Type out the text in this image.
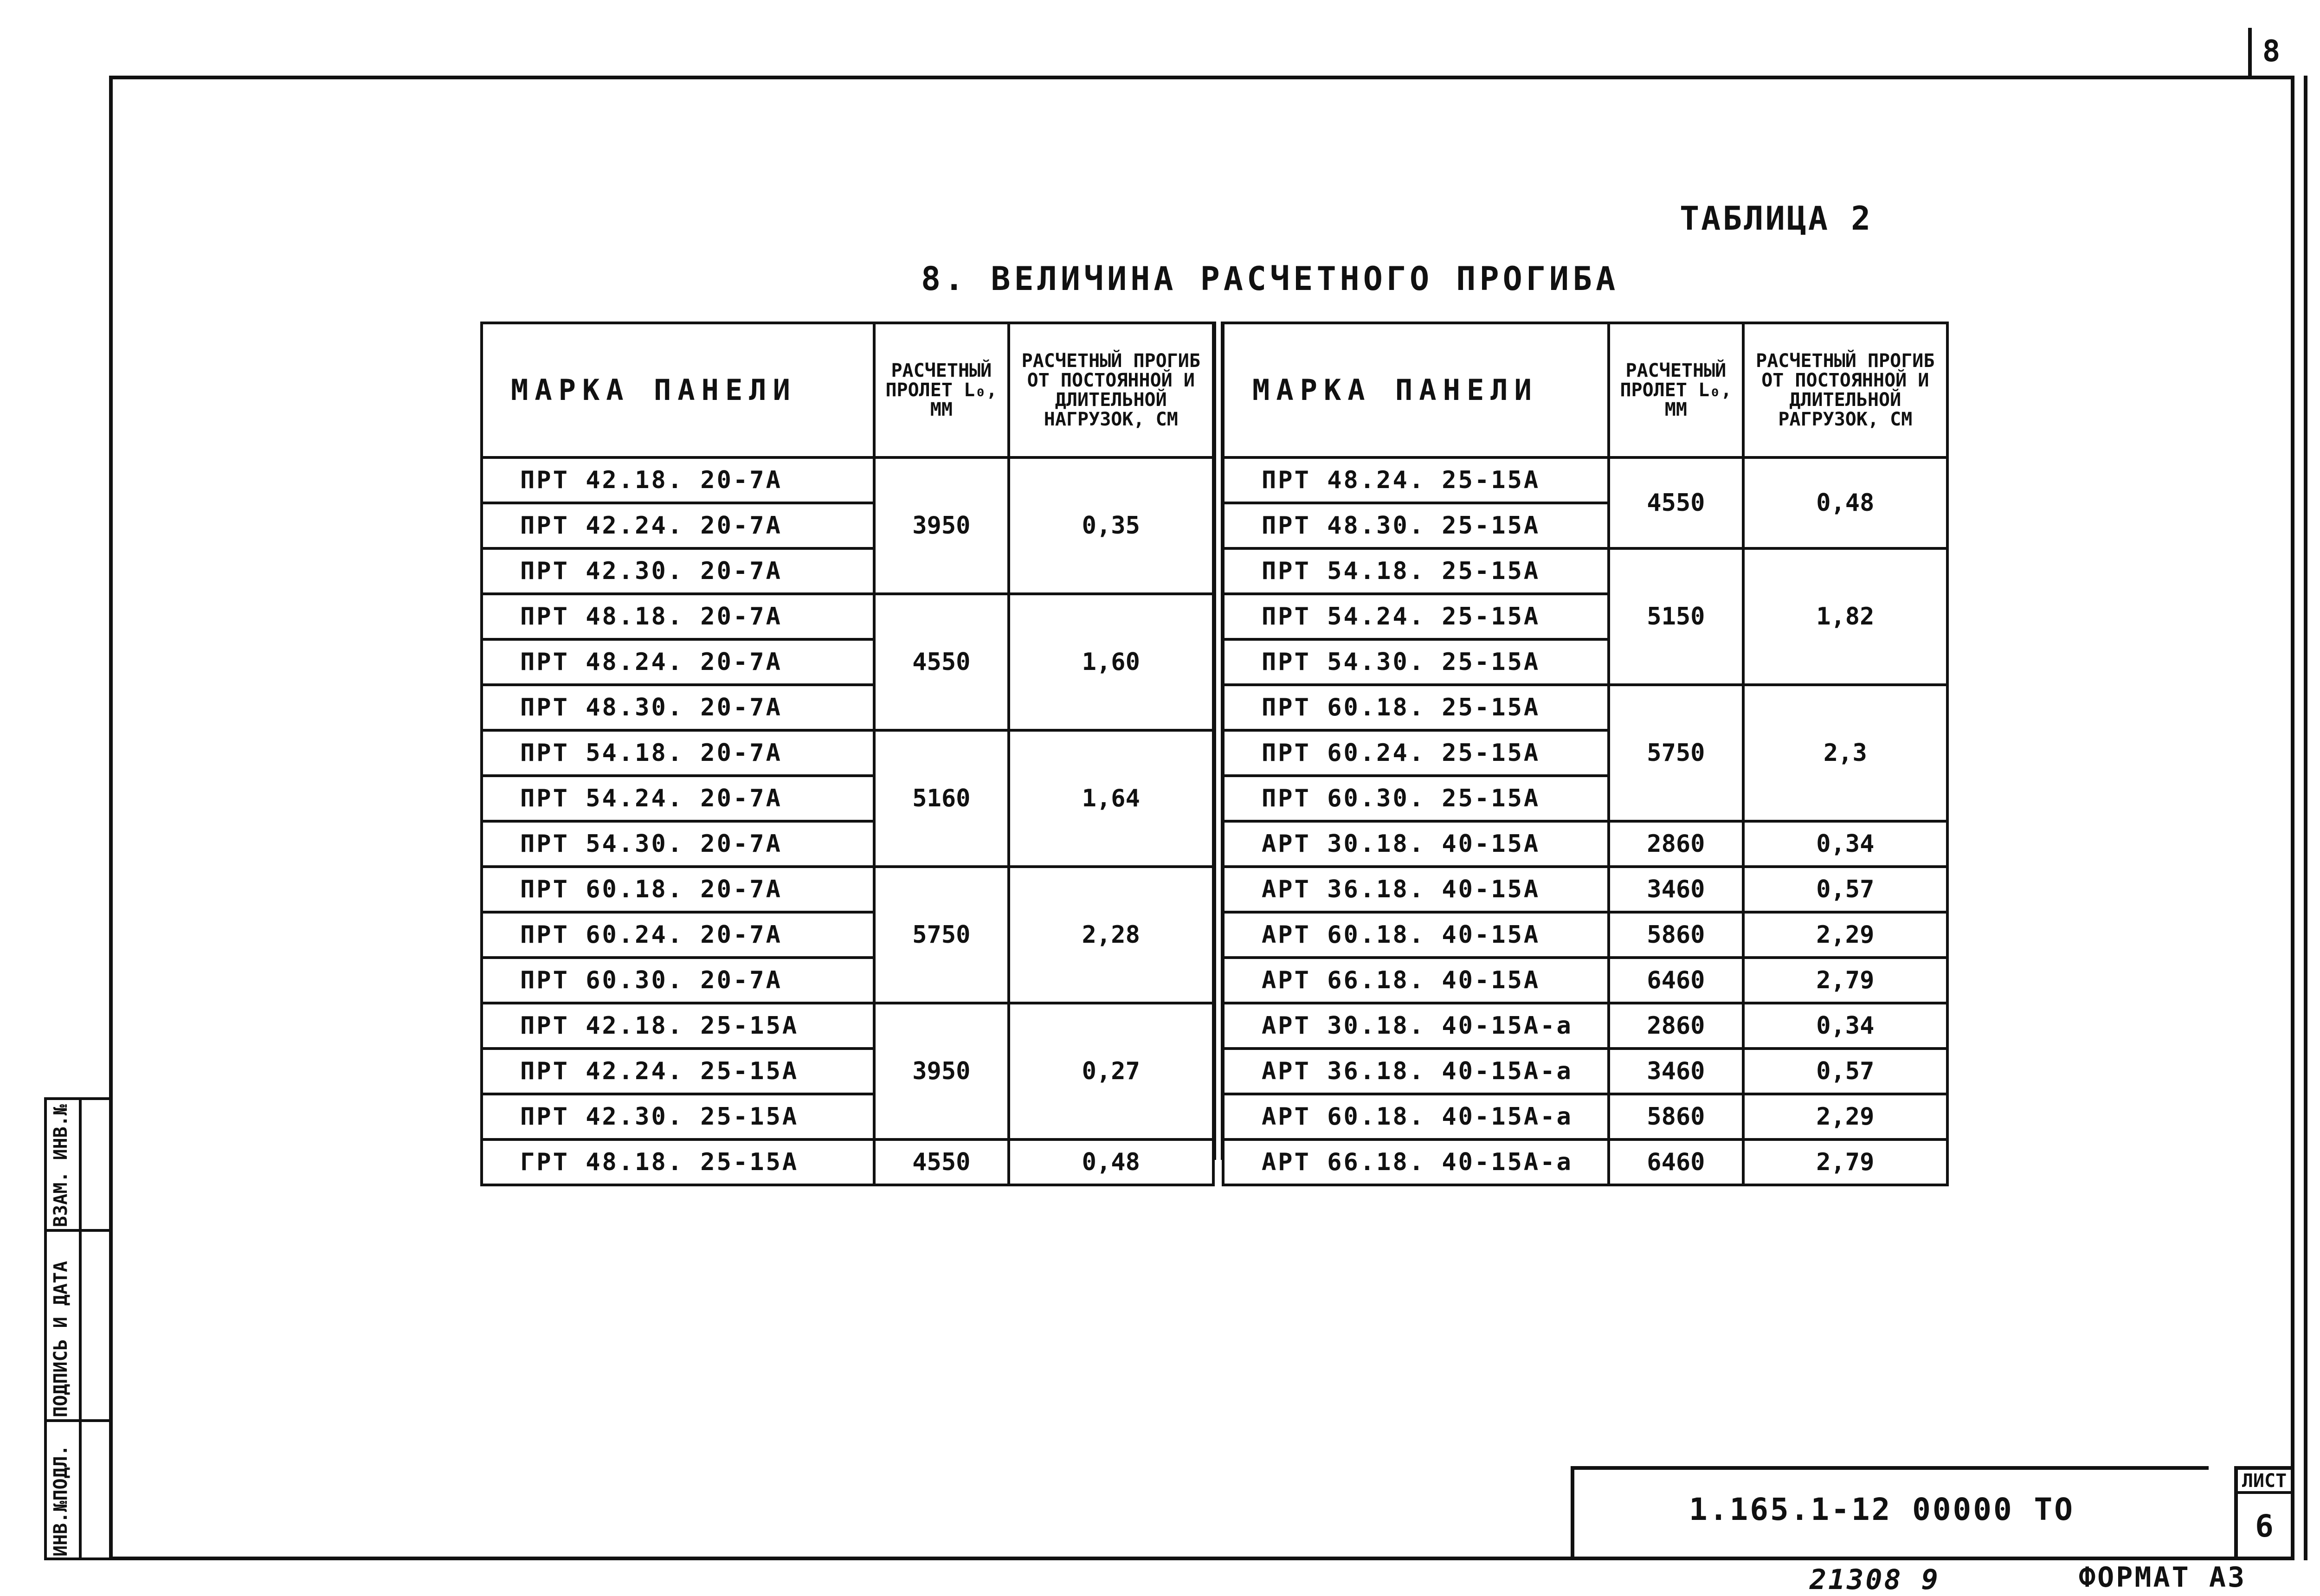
8
ТАБЛИЦА 2
8. ВЕЛИЧИНА РАСЧЕТНОГО ПРОГИБА
МАРКА ПАНЕЛИ	РАСЧЕТНЫЙ ПРОЛЕТ L₀, ММ	РАСЧЕТНЫЙ ПРОГИБ ОТ ПОСТОЯННОЙ И ДЛИТЕЛЬНОЙ НАГРУЗОК, СМ
ПРТ 42.18. 20-7А	3950	0,35
ПРТ 42.24. 20-7А		
ПРТ 42.30. 20-7А		
ПРТ 48.18. 20-7А	4550	1,60
ПРТ 48.24. 20-7А		
ПРТ 48.30. 20-7А		
ПРТ 54.18. 20-7А	5160	1,64
ПРТ 54.24. 20-7А		
ПРТ 54.30. 20-7А		
ПРТ 60.18. 20-7А	5750	2,28
ПРТ 60.24. 20-7А		
ПРТ 60.30. 20-7А		
ПРТ 42.18. 25-15А	3950	0,27
ПРТ 42.24. 25-15А		
ПРТ 42.30. 25-15А		
ГРТ 48.18. 25-15А	4550	0,48
МАРКА ПАНЕЛИ	РАСЧЕТНЫЙ ПРОЛЕТ L₀, ММ	РАСЧЕТНЫЙ ПРОГИБ ОТ ПОСТОЯННОЙ И ДЛИТЕЛЬНОЙ РАГРУЗОК, СМ
ПРТ 48.24. 25-15А	4550	0,48
ПРТ 48.30. 25-15А		
ПРТ 54.18. 25-15А	5150	1,82
ПРТ 54.24. 25-15А		
ПРТ 54.30. 25-15А		
ПРТ 60.18. 25-15А	5750	2,3
ПРТ 60.24. 25-15А		
ПРТ 60.30. 25-15А		
АРТ 30.18. 40-15А	2860	0,34
АРТ 36.18. 40-15А	3460	0,57
АРТ 60.18. 40-15А	5860	2,29
АРТ 66.18. 40-15А	6460	2,79
АРТ 30.18. 40-15А-а	2860	0,34
АРТ 36.18. 40-15А-а	3460	0,57
АРТ 60.18. 40-15А-а	5860	2,29
АРТ 66.18. 40-15А-а	6460	2,79
1.165.1-12 00000 ТО
ЛИСТ
6
21308 9	ФОРМАТ А3
ИНВ.№ПОДЛ.
ПОДПИСЬ И ДАТА
ВЗАМ. ИНВ.№
